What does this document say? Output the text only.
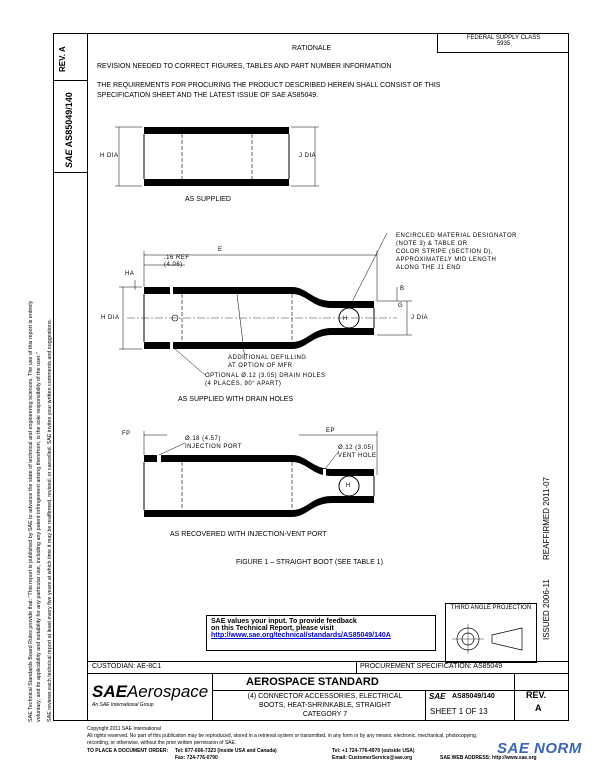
REV. A
SAE AS85049/140
SAE Technical Standards Board Rules provide that: "This report is published by SAE to advance the state of technical and engineering sciences. The use of this report is entirely voluntary, and its applicability and suitability for any particular use, including any patent infringement arising therefrom, is the sole responsibility of the user." SAE reviews each technical report at least every five years at which time it may be reaffirmed, revised, or cancelled. SAE invites your written comments and suggestions.
FEDERAL SUPPLY CLASS
5935
RATIONALE
REVISION NEEDED TO CORRECT FIGURES, TABLES AND PART NUMBER INFORMATION
THE REQUIREMENTS FOR PROCURING THE PRODUCT DESCRIBED HEREIN SHALL CONSIST OF THIS
SPECIFICATION SHEET AND THE LATEST ISSUE OF SAE AS85049.
H DIA	J DIA
AS SUPPLIED
E
.16 REF
(4.06)
HA
B
G
H DIA	J DIA
H
ENCIRCLED MATERIAL DESIGNATOR
(NOTE 3) & TABLE OR
COLOR STRIPE (SECTION D),
APPROXIMATELY MID LENGTH
ALONG THE J1 END
ADDITIONAL DEFILLING
AT OPTION OF MFR
OPTIONAL Ø.12 (3.05) DRAIN HOLES
(4 PLACES, 90° APART)
AS SUPPLIED WITH DRAIN HOLES
FP	EP
Ø.18 (4.57)
INJECTION PORT	Ø.12 (3.05)
VENT HOLE
H
AS RECOVERED WITH INJECTION-VENT PORT
FIGURE 1 – STRAIGHT BOOT (SEE TABLE 1)
REAFFIRMED 2011-07
ISSUED 2006-11
SAE values your input. To provide feedback
on this Technical Report, please visit
http://www.sae.org/technical/standards/AS85049/140A
THIRD ANGLE PROJECTION
CUSTODIAN: AE-8C1	PROCUREMENT SPECIFICATION: AS85049
SAEAerospace
An SAE International Group
AEROSPACE STANDARD
(4) CONNECTOR ACCESSORIES, ELECTRICAL
BOOTS, HEAT-SHRINKABLE, STRAIGHT
CATEGORY 7
SAE AS85049/140
SHEET 1 OF 13
REV.
A
Copyright 2011 SAE International
All rights reserved. No part of this publication may be reproduced, stored in a retrieval system or transmitted, in any form or by any means, electronic, mechanical, photocopying,
recording, or otherwise, without the prior written permission of SAE.
TO PLACE A DOCUMENT ORDER: Tel: 877-606-7323 (inside USA and Canada)
Fax: 724-776-0790
Tel: +1 724-776-4970 (outside USA)
Email: CustomerService@sae.org	SAE WEB ADDRESS: http://www.sae.org
SAE NORM
